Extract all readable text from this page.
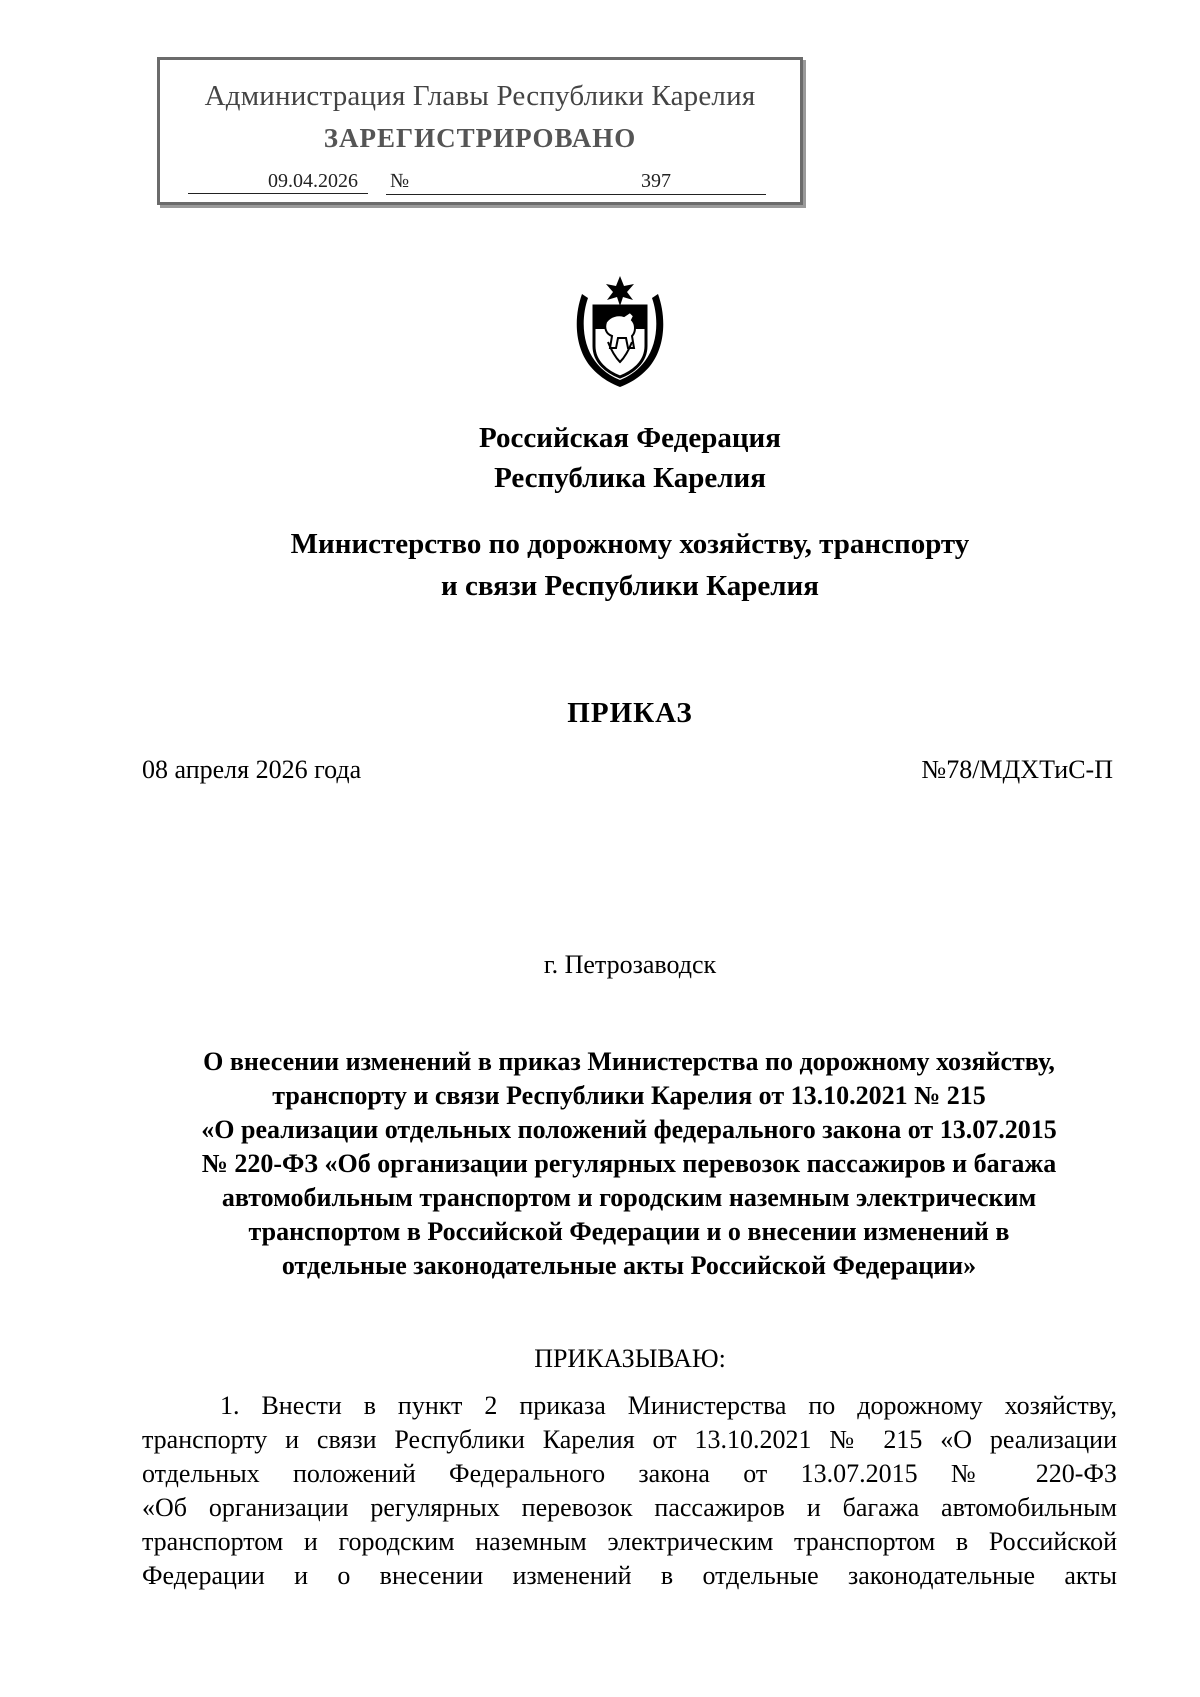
Администрация Главы Республики Карелия
ЗАРЕГИСТРИРОВАНО
09.04.2026	397
№
Российская Федерация
Республика Карелия
Министерство по дорожному хозяйству, транспорту
и связи Республики Карелия
ПРИКАЗ
08 апреля 2026 года	№78/МДХТиС-П
г. Петрозаводск
О внесении изменений в приказ Министерства по дорожному хозяйству,
транспорту и связи Республики Карелия от 13.10.2021 № 215
«О реализации отдельных положений федерального закона от 13.07.2015
№ 220-ФЗ «Об организации регулярных перевозок пассажиров и багажа
автомобильным транспортом и городским наземным электрическим
транспортом в Российской Федерации и о внесении изменений в
отдельные законодательные акты Российской Федерации»
ПРИКАЗЫВАЮ:
1. Внести в пункт 2 приказа Министерства по дорожному хозяйству,
транспорту и связи Республики Карелия от 13.10.2021 № 215 «О реализации
отдельных положений Федерального закона от 13.07.2015 № 220-ФЗ
«Об организации регулярных перевозок пассажиров и багажа автомобильным
транспортом и городским наземным электрическим транспортом в Российской
Федерации и о внесении изменений в отдельные законодательные акты
